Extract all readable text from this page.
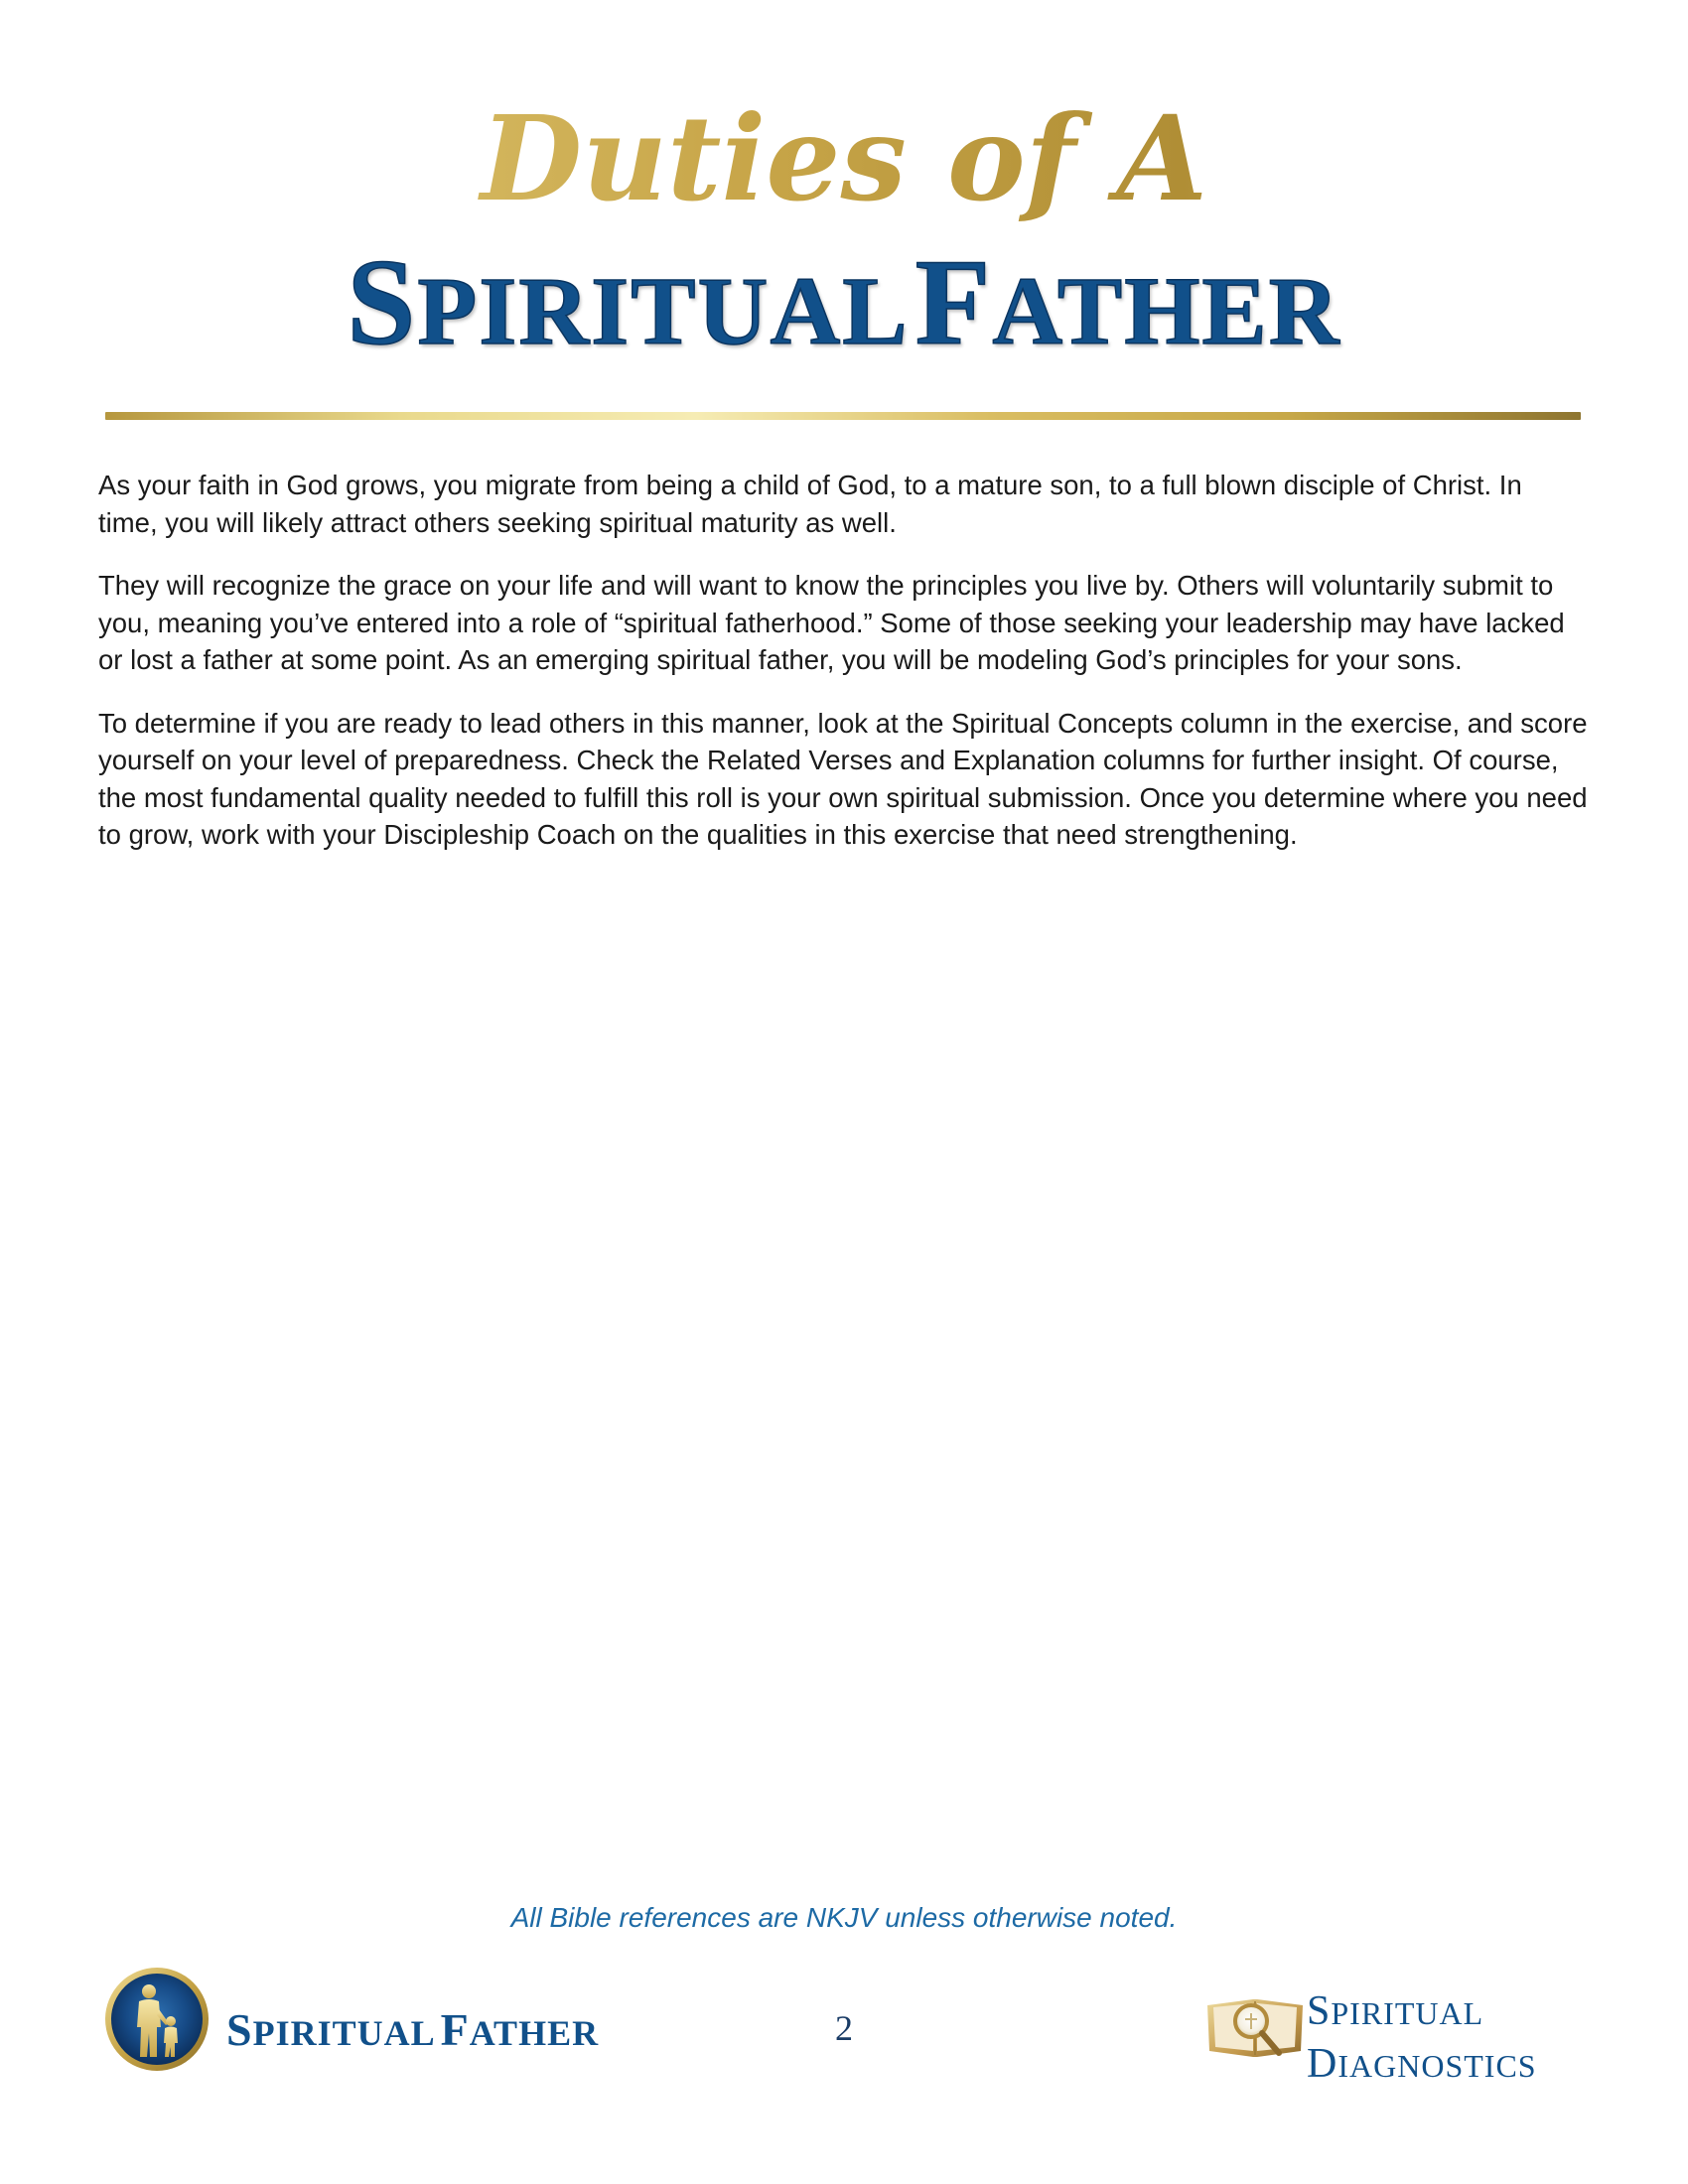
Duties of A
SPIRITUAL FATHER

As your faith in God grows, you migrate from being a child of God, to a mature son, to a full blown disciple of Christ. In time, you will likely attract others seeking spiritual maturity as well.

They will recognize the grace on your life and will want to know the principles you live by. Others will voluntarily submit to you, meaning you’ve entered into a role of “spiritual fatherhood.” Some of those seeking your leadership may have lacked or lost a father at some point. As an emerging spiritual father, you will be modeling God’s principles for your sons.

To determine if you are ready to lead others in this manner, look at the Spiritual Concepts column in the exercise, and score yourself on your level of preparedness. Check the Related Verses and Explanation columns for further insight. Of course, the most fundamental quality needed to fulfill this roll is your own spiritual submission. Once you determine where you need to grow, work with your Discipleship Coach on the qualities in this exercise that need strengthening.

All Bible references are NKJV unless otherwise noted.
SPIRITUAL FATHER	2	SPIRITUAL
DIAGNOSTICS
